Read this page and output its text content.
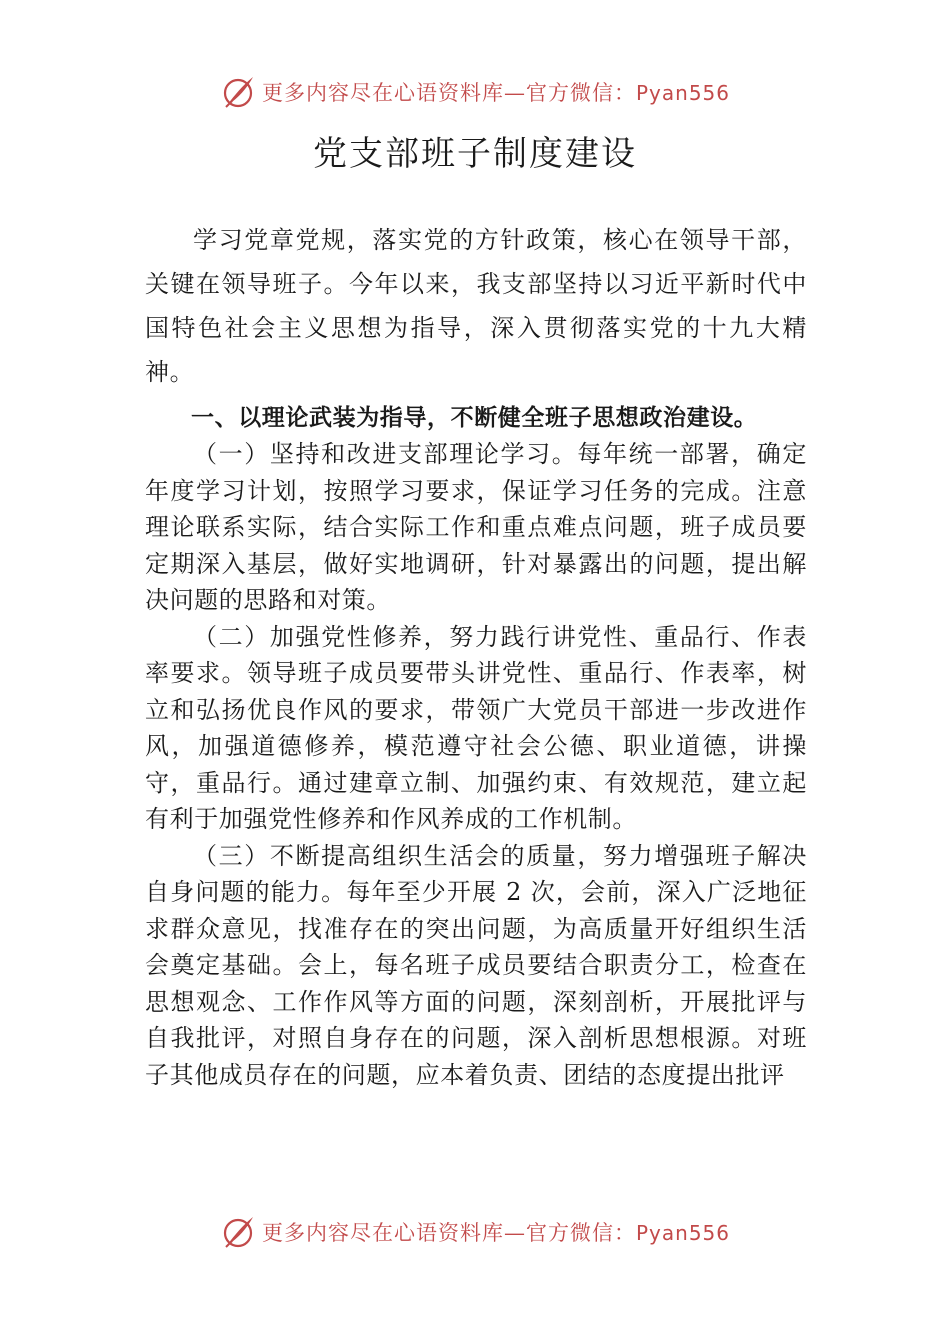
更多内容尽在心语资料库—官方微信：Pyan556
党支部班子制度建设

学习党章党规，落实党的方针政策，核心在领导干部，关键在领导班子。今年以来，我支部坚持以习近平新时代中国特色社会主义思想为指导，深入贯彻落实党的十九大精神。

一、以理论武装为指导，不断健全班子思想政治建设。

（一）坚持和改进支部理论学习。每年统一部署，确定年度学习计划，按照学习要求，保证学习任务的完成。注意理论联系实际，结合实际工作和重点难点问题，班子成员要定期深入基层，做好实地调研，针对暴露出的问题，提出解决问题的思路和对策。

（二）加强党性修养，努力践行讲党性、重品行、作表率要求。领导班子成员要带头讲党性、重品行、作表率，树立和弘扬优良作风的要求，带领广大党员干部进一步改进作风，加强道德修养，模范遵守社会公德、职业道德，讲操守，重品行。通过建章立制、加强约束、有效规范，建立起有利于加强党性修养和作风养成的工作机制。

（三）不断提高组织生活会的质量，努力增强班子解决自身问题的能力。每年至少开展 2 次，会前，深入广泛地征求群众意见，找准存在的突出问题，为高质量开好组织生活会奠定基础。会上，每名班子成员要结合职责分工，检查在思想观念、工作作风等方面的问题，深刻剖析，开展批评与自我批评，对照自身存在的问题，深入剖析思想根源。对班子其他成员存在的问题，应本着负责、团结的态度提出批评

更多内容尽在心语资料库—官方微信：Pyan556
